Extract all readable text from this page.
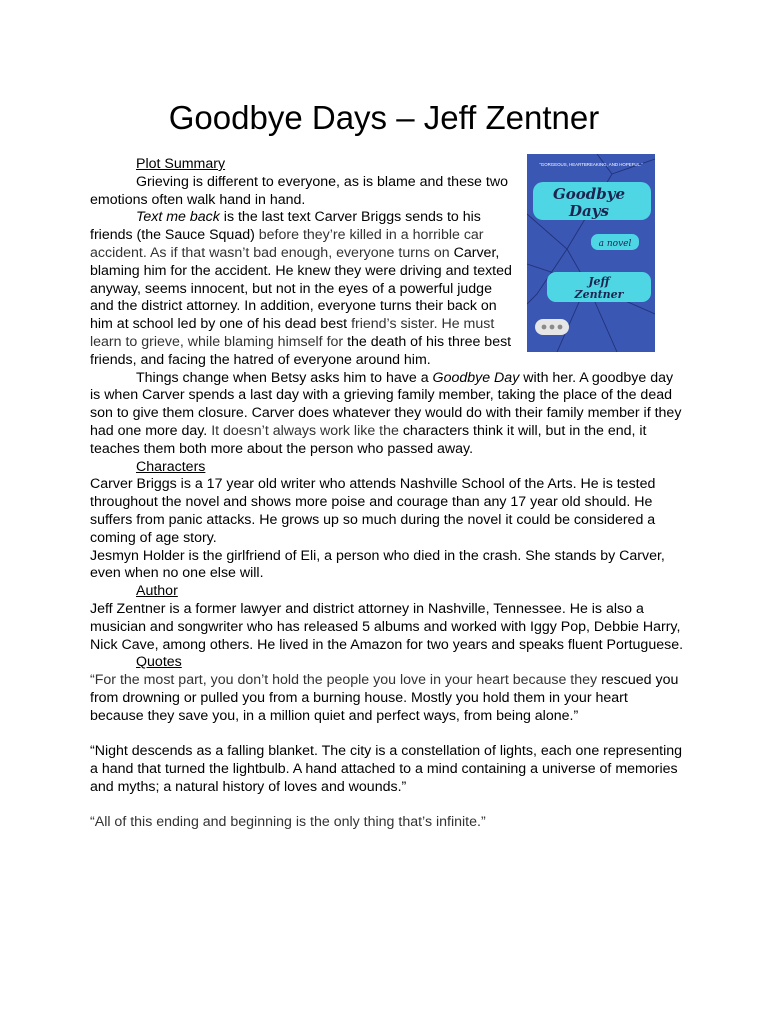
Goodbye Days – Jeff Zentner
“GORGEOUS, HEARTBREAKING, AND HOPEFUL.”
Goodbye
Days
a novel
Jeff
Zentner

Plot Summary

Grieving is different to everyone, as is blame and these two emotions often walk hand in hand.

Text me back is the last text Carver Briggs sends to his friends (the Sauce Squad) before they’re killed in a horrible car accident. As if that wasn’t bad enough, everyone turns on Carver, blaming him for the accident. He knew they were driving and texted anyway, seems innocent, but not in the eyes of a powerful judge and the district attorney. In addition, everyone turns their back on him at school led by one of his dead best friend’s sister. He must learn to grieve, while blaming himself for the death of his three best friends, and facing the hatred of everyone around him.

Things change when Betsy asks him to have a Goodbye Day with her. A goodbye day is when Carver spends a last day with a grieving family member, taking the place of the dead son to give them closure. Carver does whatever they would do with their family member if they had one more day. It doesn’t always work like the characters think it will, but in the end, it teaches them both more about the person who passed away.

Characters

Carver Briggs is a 17 year old writer who attends Nashville School of the Arts. He is tested throughout the novel and shows more poise and courage than any 17 year old should. He suffers from panic attacks. He grows up so much during the novel it could be considered a coming of age story.

Jesmyn Holder is the girlfriend of Eli, a person who died in the crash. She stands by Carver, even when no one else will.

Author

Jeff Zentner is a former lawyer and district attorney in Nashville, Tennessee. He is also a musician and songwriter who has released 5 albums and worked with Iggy Pop, Debbie Harry, Nick Cave, among others. He lived in the Amazon for two years and speaks fluent Portuguese.

Quotes

“For the most part, you don’t hold the people you love in your heart because they rescued you from drowning or pulled you from a burning house. Mostly you hold them in your heart because they save you, in a million quiet and perfect ways, from being alone.”

“Night descends as a falling blanket. The city is a constellation of lights, each one representing a hand that turned the lightbulb. A hand attached to a mind containing a universe of memories and myths; a natural history of loves and wounds.”

“All of this ending and beginning is the only thing that’s infinite.”
